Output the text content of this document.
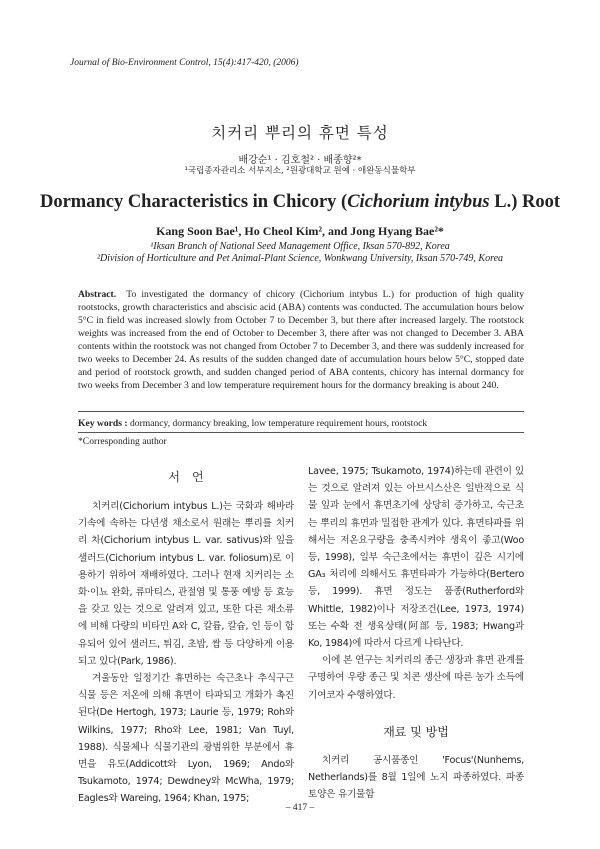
Journal of Bio-Environment Control, 15(4):417-420, (2006)
치커리 뿌리의 휴면 특성
배강순¹ · 김호철² · 배종향²*
¹국립종자관리소 서부지소, ²원광대학교 원예 · 애완동식물학부
Dormancy Characteristics in Chicory (Cichorium intybus L.) Root
Kang Soon Bae¹, Ho Cheol Kim², and Jong Hyang Bae²*
¹Iksan Branch of National Seed Management Office, Iksan 570-892, Korea
²Division of Horticulture and Pet Animal-Plant Science, Wonkwang University, Iksan 570-749, Korea
Abstract. To investigated the dormancy of chicory (Cichorium intybus L.) for production of high quality rootstocks, growth characteristics and abscisic acid (ABA) contents was conducted. The accumulation hours below 5°C in field was increased slowly from October 7 to December 3, but there after increased largely. The rootstock weights was increased from the end of October to December 3, there after was not changed to December 3. ABA contents within the rootstock was not changed from October 7 to December 3, and there was suddenly increased for two weeks to December 24. As results of the sudden changed date of accumulation hours below 5°C, stopped date and period of rootstock growth, and sudden changed period of ABA contents, chicory has internal dormancy for two weeks from December 3 and low temperature requirement hours for the dormancy breaking is about 240.
Key words : dormancy, dormancy breaking, low temperature requirement hours, rootstock
*Corresponding author
서　언

치커리(Cichorium intybus L.)는 국화과 해바라기속에 속하는 다년생 채소로서 원래는 뿌리를 치커리 차(Cichorium intybus L. var. sativus)와 잎을 샐러드(Cichorium intybus L. var. foliosum)로 이용하기 위하여 재배하였다. 그러나 현재 치커리는 소화·이뇨 완화, 류마티스, 관절염 및 통풍 예방 등 효능을 갖고 있는 것으로 알려져 있고, 또한 다른 채소류에 비해 다량의 비타민 A와 C, 칼륨, 칼슘, 인 등이 함유되어 있어 샐러드, 튀김, 초밥, 쌈 등 다양하게 이용되고 있다(Park, 1986).

겨울동안 일정기간 휴면하는 숙근초나 추식구근 식물 등은 저온에 의해 휴면이 타파되고 개화가 촉진된다(De Hertogh, 1973; Laurie 등, 1979; Roh와 Wilkins, 1977; Rho와 Lee, 1981; Van Tuyl, 1988). 식물체나 식물기관의 광범위한 부분에서 휴면을 유도(Addicott와 Lyon, 1969; Ando와 Tsukamoto, 1974; Dewdney와 McWha, 1979; Eagles와 Wareing, 1964; Khan, 1975;

Lavee, 1975; Tsukamoto, 1974)하는데 관련이 있는 것으로 알려져 있는 아브시스산은 일반적으로 식물 잎과 눈에서 휴면초기에 상당히 증가하고, 숙근초는 뿌리의 휴면과 밀접한 관계가 있다. 휴면타파를 위해서는 저온요구량을 충족시켜야 생육이 좋고(Woo 등, 1998), 일부 숙근초에서는 휴면이 깊은 시기에 GA₃ 처리에 의해서도 휴면타파가 가능하다(Bertero 등, 1999). 휴면 정도는 품종(Rutherford와 Whittle, 1982)이나 저장조건(Lee, 1973, 1974) 또는 수확 전 생육상태(阿部 등, 1983; Hwang과 Ko, 1984)에 따라서 다르게 나타난다.

이에 본 연구는 치커리의 종근 생장과 휴면 관계를 구명하여 우량 종근 및 치콘 생산에 따른 농가 소득에 기여코자 수행하였다.

재료 및 방법

치커리 공시품종인 'Focus'(Nunhems, Netherlands)를 8월 1일에 노지 파종하였다. 파종 토양은 유기물함

– 417 –
